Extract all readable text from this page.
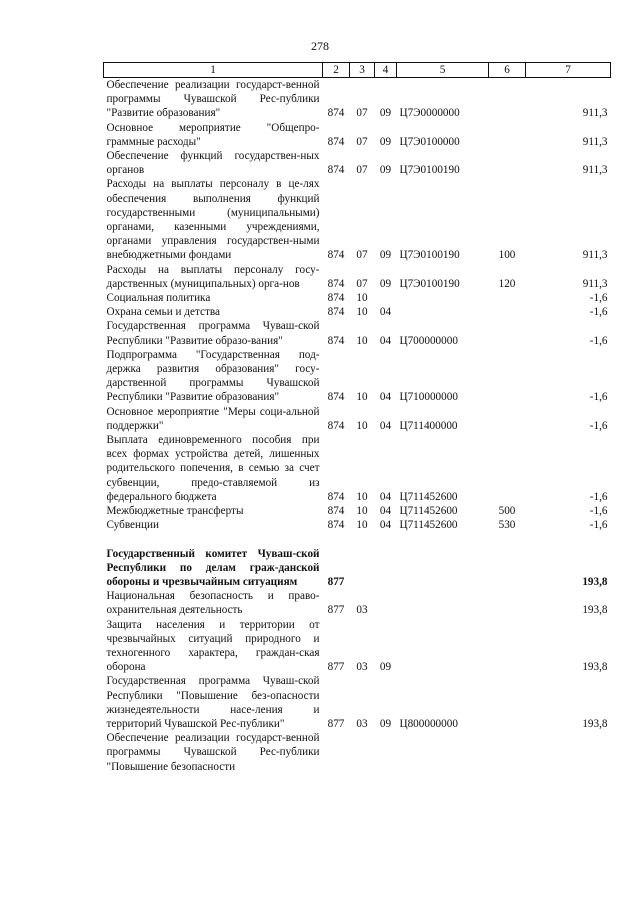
278
1	2	3	4	5	6	7
Обеспечение реализации государст-венной программы Чувашской Рес-публики "Развитие образования"	874	07	09	Ц7Э0000000		911,3
Основное мероприятие "Общепро-граммные расходы"	874	07	09	Ц7Э0100000		911,3
Обеспечение функций государствен-ных органов	874	07	09	Ц7Э0100190		911,3
Расходы на выплаты персоналу в це-лях обеспечения выполнения функций государственными (муниципальными) органами, казенными учреждениями, органами управления государствен-ными внебюджетными фондами	874	07	09	Ц7Э0100190	100	911,3
Расходы на выплаты персоналу госу-дарственных (муниципальных) орга-нов	874	07	09	Ц7Э0100190	120	911,3
Социальная политика	874	10				-1,6
Охрана семьи и детства	874	10	04			-1,6
Государственная программа Чуваш-ской Республики "Развитие образо-вания"	874	10	04	Ц700000000		-1,6
Подпрограмма "Государственная под-держка развития образования" госу-дарственной программы Чувашской Республики "Развитие образования"	874	10	04	Ц710000000		-1,6
Основное мероприятие "Меры соци-альной поддержки"	874	10	04	Ц711400000		-1,6
Выплата единовременного пособия при всех формах устройства детей, лишенных родительского попечения, в семью за счет субвенции, предо-ставляемой из федерального бюджета	874	10	04	Ц711452600		-1,6
Межбюджетные трансферты	874	10	04	Ц711452600	500	-1,6
Субвенции	874	10	04	Ц711452600	530	-1,6

Государственный комитет Чуваш-ской Республики по делам граж-данской обороны и чрезвычайным ситуациям	877					193,8
Национальная безопасность и право-охранительная деятельность	877	03				193,8
Защита населения и территории от чрезвычайных ситуаций природного и техногенного характера, граждан-ская оборона	877	03	09			193,8
Государственная программа Чуваш-ской Республики "Повышение без-опасности жизнедеятельности насе-ления и территорий Чувашской Рес-публики"	877	03	09	Ц800000000		193,8
Обеспечение реализации государст-венной программы Чувашской Рес-публики "Повышение безопасности						
